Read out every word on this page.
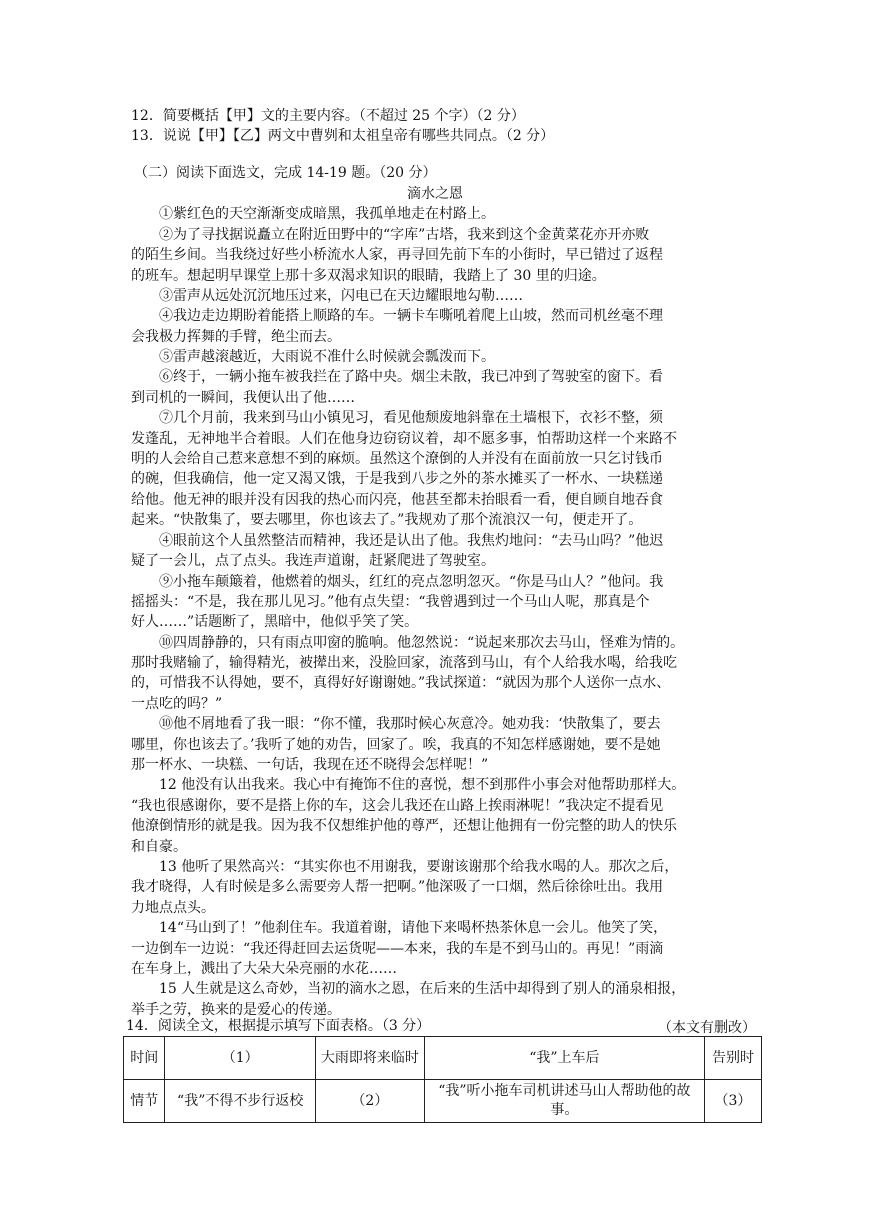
12．简要概括【甲】文的主要内容。（不超过 25 个字）（2 分）
13．说说【甲】【乙】两文中曹刿和太祖皇帝有哪些共同点。（2 分）
（二）阅读下面选文，完成 14-19 题。（20 分）
滴水之恩
①紫红色的天空渐渐变成暗黑，我孤单地走在村路上。
②为了寻找据说矗立在附近田野中的“字库”古塔，我来到这个金黄菜花亦开亦败
的陌生乡间。当我绕过好些小桥流水人家，再寻回先前下车的小街时，早已错过了返程
的班车。想起明早课堂上那十多双渴求知识的眼睛，我踏上了 30 里的归途。
③雷声从远处沉沉地压过来，闪电已在天边耀眼地勾勒……
④我边走边期盼着能搭上顺路的车。一辆卡车嘶吼着爬上山坡，然而司机丝毫不理
会我极力挥舞的手臂，绝尘而去。
⑤雷声越滚越近，大雨说不准什么时候就会瓢泼而下。
⑥终于，一辆小拖车被我拦在了路中央。烟尘未散，我已冲到了驾驶室的窗下。看
到司机的一瞬间，我便认出了他……
⑦几个月前，我来到马山小镇见习，看见他颓废地斜靠在土墙根下，衣衫不整，须
发蓬乱，无神地半合着眼。人们在他身边窃窃议着，却不愿多事，怕帮助这样一个来路不
明的人会给自己惹来意想不到的麻烦。虽然这个潦倒的人并没有在面前放一只乞讨钱币
的碗，但我确信，他一定又渴又饿，于是我到八步之外的茶水摊买了一杯水、一块糕递
给他。他无神的眼并没有因我的热心而闪亮，他甚至都未抬眼看一看，便自顾自地吞食
起来。“快散集了，要去哪里，你也该去了。”我规劝了那个流浪汉一句，便走开了。
④眼前这个人虽然整洁而精神，我还是认出了他。我焦灼地问：“去马山吗？”他迟
疑了一会儿，点了点头。我连声道谢，赶紧爬进了驾驶室。
⑨小拖车颠簸着，他燃着的烟头，红红的亮点忽明忽灭。“你是马山人？”他问。我
摇摇头：“不是，我在那儿见习。”他有点失望：“我曾遇到过一个马山人呢，那真是个
好人……”话题断了，黑暗中，他似乎笑了笑。
⑩四周静静的，只有雨点叩窗的脆响。他忽然说：“说起来那次去马山，怪难为情的。
那时我赌输了，输得精光，被撵出来，没脸回家，流落到马山，有个人给我水喝，给我吃
的，可惜我不认得她，要不，真得好好谢谢她。”我试探道：“就因为那个人送你一点水、
一点吃的吗？”
⑩他不屑地看了我一眼：“你不懂，我那时候心灰意冷。她劝我：‘快散集了，要去
哪里，你也该去了。’我听了她的劝告，回家了。唉，我真的不知怎样感谢她，要不是她
那一杯水、一块糕、一句话，我现在还不晓得会怎样呢！”
12 他没有认出我来。我心中有掩饰不住的喜悦，想不到那件小事会对他帮助那样大。
“我也很感谢你，要不是搭上你的车，这会儿我还在山路上挨雨淋呢！”我决定不提看见
他潦倒情形的就是我。因为我不仅想维护他的尊严，还想让他拥有一份完整的助人的快乐
和自豪。
13 他听了果然高兴：“其实你也不用谢我，要谢该谢那个给我水喝的人。那次之后，
我才晓得，人有时候是多么需要旁人帮一把啊。”他深吸了一口烟，然后徐徐吐出。我用
力地点点头。
14“马山到了！”他刹住车。我道着谢，请他下来喝杯热茶休息一会儿。他笑了笑，
一边倒车一边说：“我还得赶回去运货呢——本来，我的车是不到马山的。再见！”雨滴
在车身上，溅出了大朵大朵亮丽的水花……
15 人生就是这么奇妙，当初的滴水之恩，在后来的生活中却得到了别人的涌泉相报，
举手之劳，换来的是爱心的传递。
（本文有删改）
14．阅读全文，根据提示填写下面表格。（3 分）
时间	（1）	大雨即将来临时	“我”上车后	告别时
情节	“我”不得不步行返校	（2）	“我”听小拖车司机讲述马山人帮助他的故事。	（3）
